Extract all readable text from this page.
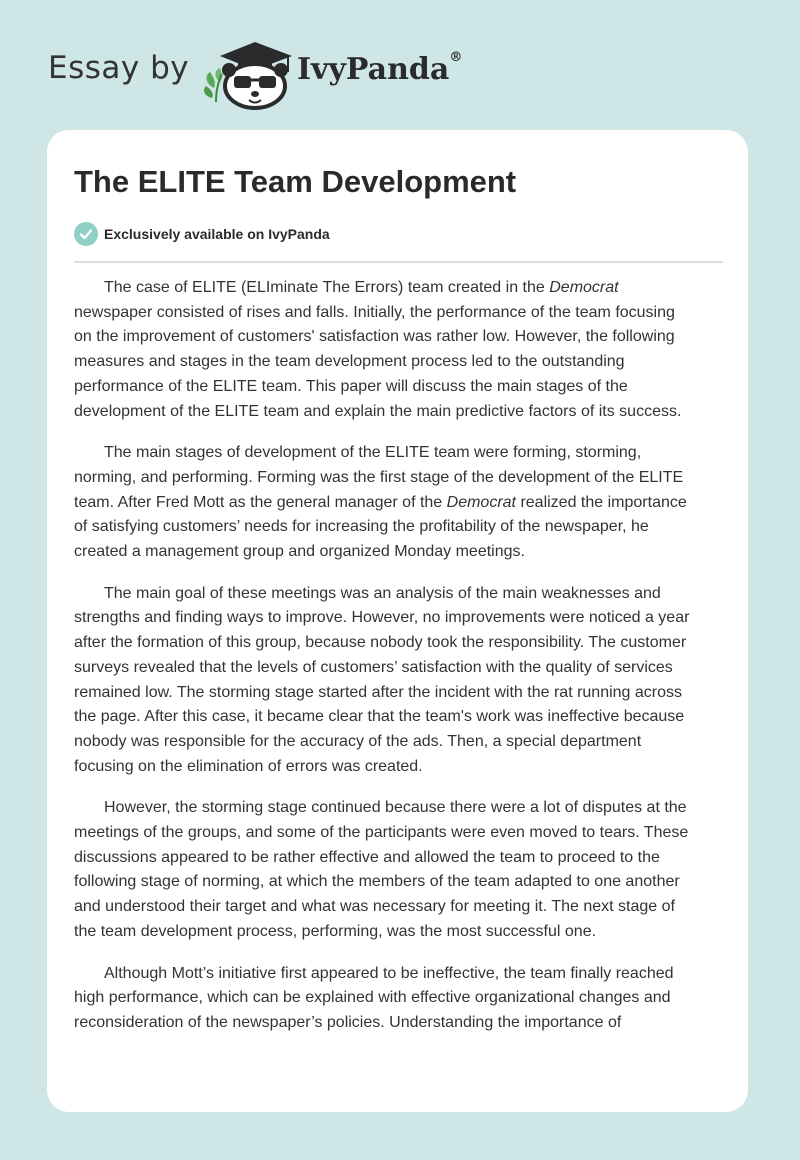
Essay by	IvyPanda®
The ELITE Team Development
Exclusively available on IvyPanda

The case of ELITE (ELIminate The Errors) team created in the Democrat
newspaper consisted of rises and falls. Initially, the performance of the team focusing
on the improvement of customers' satisfaction was rather low. However, the following
measures and stages in the team development process led to the outstanding
performance of the ELITE team. This paper will discuss the main stages of the
development of the ELITE team and explain the main predictive factors of its success.

The main stages of development of the ELITE team were forming, storming,
norming, and performing. Forming was the first stage of the development of the ELITE
team. After Fred Mott as the general manager of the Democrat realized the importance
of satisfying customers’ needs for increasing the profitability of the newspaper, he
created a management group and organized Monday meetings.

The main goal of these meetings was an analysis of the main weaknesses and
strengths and finding ways to improve. However, no improvements were noticed a year
after the formation of this group, because nobody took the responsibility. The customer
surveys revealed that the levels of customers’ satisfaction with the quality of services
remained low. The storming stage started after the incident with the rat running across
the page. After this case, it became clear that the team's work was ineffective because
nobody was responsible for the accuracy of the ads. Then, a special department
focusing on the elimination of errors was created.

However, the storming stage continued because there were a lot of disputes at the
meetings of the groups, and some of the participants were even moved to tears. These
discussions appeared to be rather effective and allowed the team to proceed to the
following stage of norming, at which the members of the team adapted to one another
and understood their target and what was necessary for meeting it. The next stage of
the team development process, performing, was the most successful one.

Although Mott’s initiative first appeared to be ineffective, the team finally reached
high performance, which can be explained with effective organizational changes and
reconsideration of the newspaper’s policies. Understanding the importance of
